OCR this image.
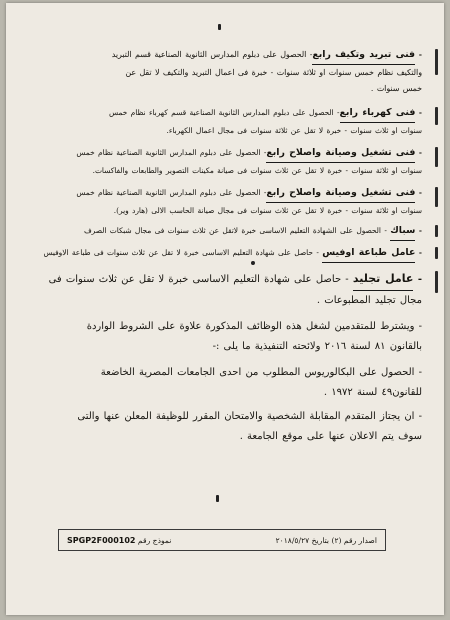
- فنى تبريد وتكيف رابع- الحصول على دبلوم المدارس الثانوية الصناعية قسم التبريد

والتكيف نظام خمس سنوات او ثلاثة سنوات - خبرة فى اعمال التبريد والتكيف لا تقل عن

خمس سنوات .

- فنى كهرباء رابع- الحصول على دبلوم المدارس الثانوية الصناعية قسم كهرباء نظام خمس

سنوات او ثلاث سنوات - خبرة لا تقل عن ثلاثة سنوات فى مجال اعمال الكهرباء.

- فنى تشغيل وصيانة واصلاح رابع- الحصول على دبلوم المدارس الثانوية الصناعية نظام خمس

سنوات او ثلاثة سنوات - خبرة لا تقل عن ثلاث سنوات فى صيانة مكينات التصوير والطابعات والفاكسات.

- فنى تشغيل وصيانة واصلاح رابع- الحصول على دبلوم المدارس الثانوية الصناعية نظام خمس

سنوات او ثلاثة سنوات - خبرة لا تقل عن ثلاث سنوات فى مجال صيانة الحاسب الالى (هارد وير).

- سباك - الحصول على الشهادة التعليم الاساسى خبرة لاتقل عن ثلاث سنوات فى مجال شبكات الصرف

- عامل طباعة اوفيس - حاصل على شهادة التعليم الاساسى خبرة لا تقل عن ثلاث سنوات فى طباعة الاوفيس

- عامل تجليد - حاصل على شهادة التعليم الاساسى خبرة لا تقل عن ثلاث سنوات فى

مجال تجليد المطبوعات .

- ويشترط للمتقدمين لشغل هذه الوظائف المذكورة علاوة على الشروط الواردة

بالقانون ٨١ لسنة ٢٠١٦ ولائحته التنفيذية ما يلى :-

- الحصول على البكالوريوس المطلوب من احدى الجامعات المصرية الخاضعة

للقانون٤٩ لسنة ١٩٧٢ .

- ان يجتاز المتقدم المقابلة الشخصية والامتحان المقرر للوظيفة المعلن عنها والتى

سوف يتم الاعلان عنها على موقع الجامعة .

اصدار رقم (٢) بتاريخ ٢٠١٨/٥/٢٧
نموذج رقم SPGP2F000102
